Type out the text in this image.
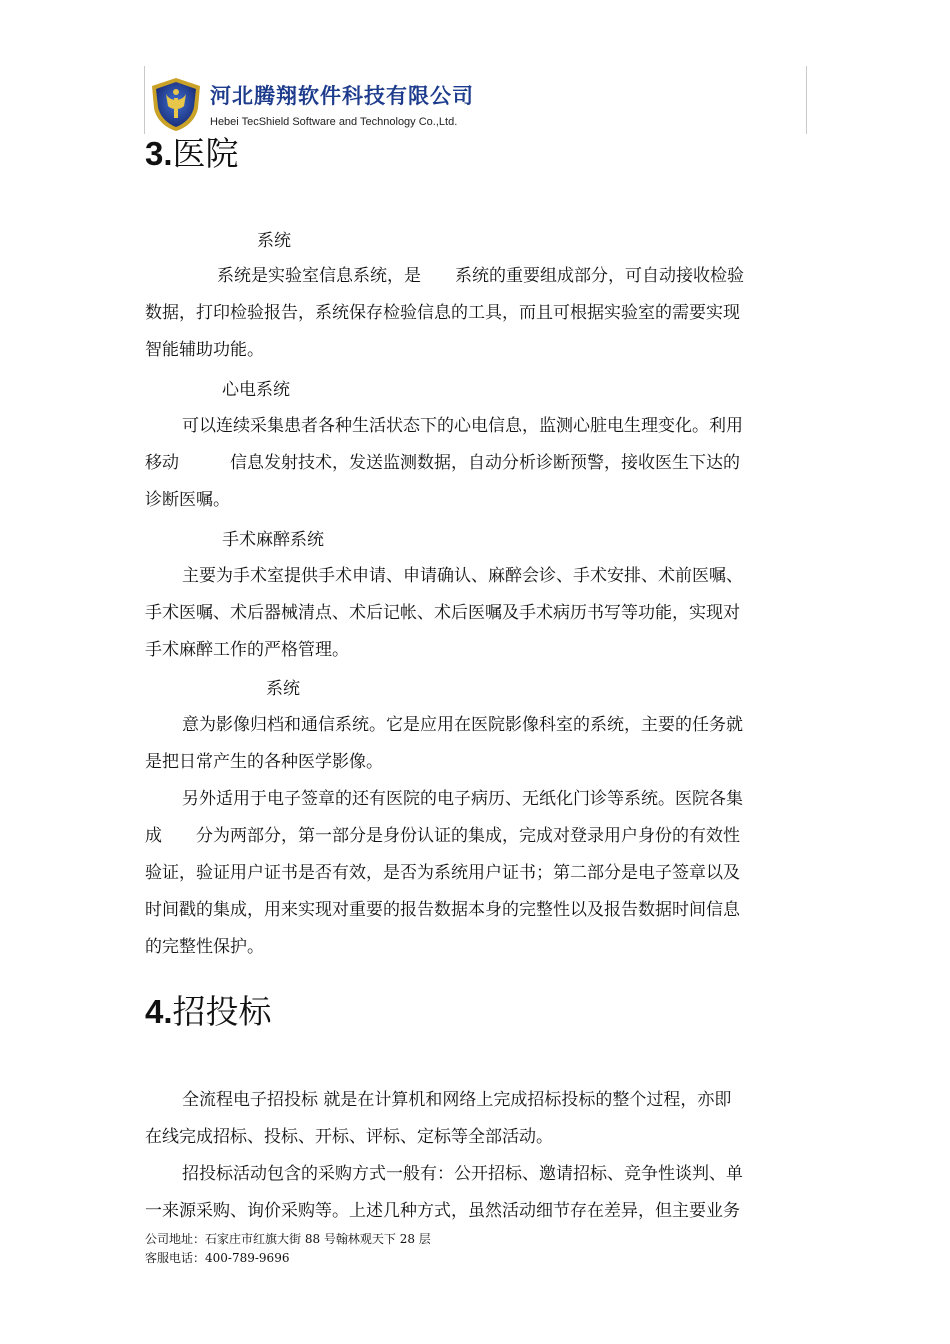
河北腾翔软件科技有限公司
Hebei TecShield Software and Technology Co.,Ltd.
3.医院
系统
系统是实验室信息系统，是　　系统的重要组成部分，可自动接收检验
数据，打印检验报告，系统保存检验信息的工具，而且可根据实验室的需要实现
智能辅助功能。
心电系统
可以连续采集患者各种生活状态下的心电信息，监测心脏电生理变化。利用
移动　　　信息发射技术，发送监测数据，自动分析诊断预警，接收医生下达的
诊断医嘱。
手术麻醉系统
主要为手术室提供手术申请、申请确认、麻醉会诊、手术安排、术前医嘱、
手术医嘱、术后器械清点、术后记帐、术后医嘱及手术病历书写等功能，实现对
手术麻醉工作的严格管理。
系统
意为影像归档和通信系统。它是应用在医院影像科室的系统，主要的任务就
是把日常产生的各种医学影像。
另外适用于电子签章的还有医院的电子病历、无纸化门诊等系统。医院各集
成　　分为两部分，第一部分是身份认证的集成，完成对登录用户身份的有效性
验证，验证用户证书是否有效，是否为系统用户证书；第二部分是电子签章以及
时间戳的集成，用来实现对重要的报告数据本身的完整性以及报告数据时间信息
的完整性保护。
4.招投标
全流程电子招投标 就是在计算机和网络上完成招标投标的整个过程，亦即
在线完成招标、投标、开标、评标、定标等全部活动。
招投标活动包含的采购方式一般有：公开招标、邀请招标、竞争性谈判、单
一来源采购、询价采购等。上述几种方式，虽然活动细节存在差异，但主要业务
公司地址：石家庄市红旗大街 88 号翰林观天下 28 层
客服电话：400-789-9696
